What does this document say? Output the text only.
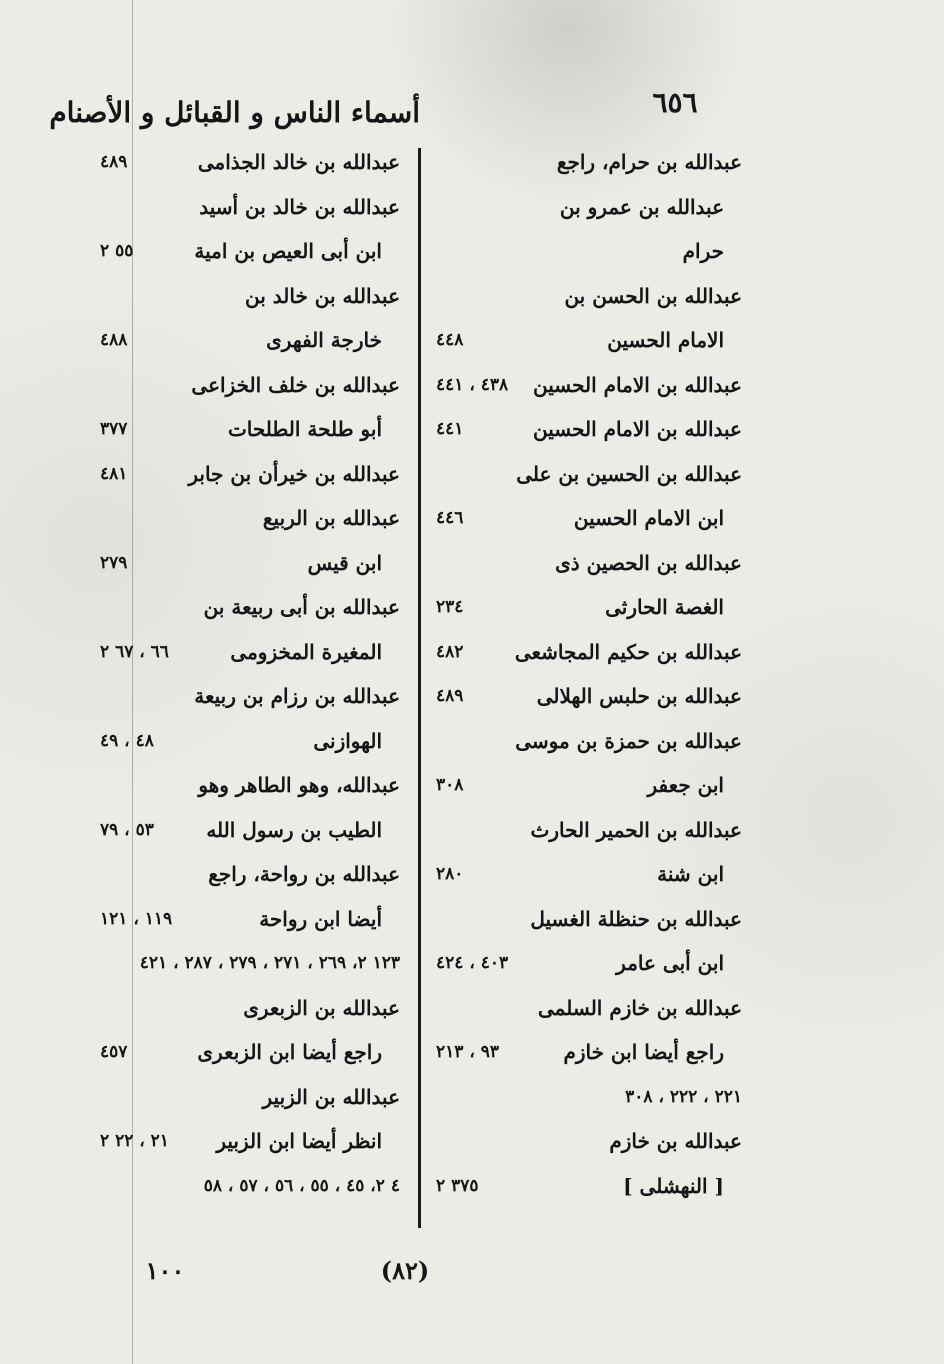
أسماء الناس و القبائل و الأصنام	٦٥٦
عبدالله بن خالد الجذامى
٤٨٩
عبدالله بن خالد بن أسيد
ابن أبى العيص بن امية
٥٥ ٢
عبدالله بن خالد بن
خارجة الفهرى
٤٨٨
عبدالله بن خلف الخزاعى
أبو طلحة الطلحات
٣٧٧
عبدالله بن خيرأن بن جابر
٤٨١
عبدالله بن الربيع
ابن قيس
٢٧٩
عبدالله بن أبى ربيعة بن
المغيرة المخزومى
٦٦ ، ٦٧ ٢
عبدالله بن رزام بن ربيعة
الهوازنى
٤٨ ، ٤٩
عبدالله، وهو الطاهر وهو
الطيب بن رسول الله
٥٣ ، ٧٩
عبدالله بن رواحة، راجع
أيضا ابن رواحة
١١٩ ، ١٢١
١٢٣ ٢، ٢٦٩ ، ٢٧١ ، ٢٧٩ ، ٢٨٧ ، ٤٢١
عبدالله بن الزبعرى
راجع أيضا ابن الزبعرى
٤٥٧
عبدالله بن الزبير
انظر أيضا ابن الزبير
٢١ ، ٢٢ ٢
٤ ٢، ٤٥ ، ٥٥ ، ٥٦ ، ٥٧ ، ٥٨
عبدالله بن حرام، راجع
عبدالله بن عمرو بن
حرام
عبدالله بن الحسن بن
الامام الحسين
٤٤٨
عبدالله بن الامام الحسين
٤٣٨ ، ٤٤١
عبدالله بن الامام الحسين
٤٤١
عبدالله بن الحسين بن على
ابن الامام الحسين
٤٤٦
عبدالله بن الحصين ذى
الغصة الحارثى
٢٣٤
عبدالله بن حكيم المجاشعى
٤٨٢
عبدالله بن حلبس الهلالى
٤٨٩
عبدالله بن حمزة بن موسى
ابن جعفر
٣٠٨
عبدالله بن الحمير الحارث
ابن شنة
٢٨٠
عبدالله بن حنظلة الغسيل
ابن أبى عامر
٤٠٣ ، ٤٢٤
عبدالله بن خازم السلمى
راجع أيضا ابن خازم
٩٣ ، ٢١٣
٢٢١ ، ٢٢٢ ، ٣٠٨
عبدالله بن خازم
[ النهشلى ]
٣٧٥ ٢
١٠٠	(٨٢)
